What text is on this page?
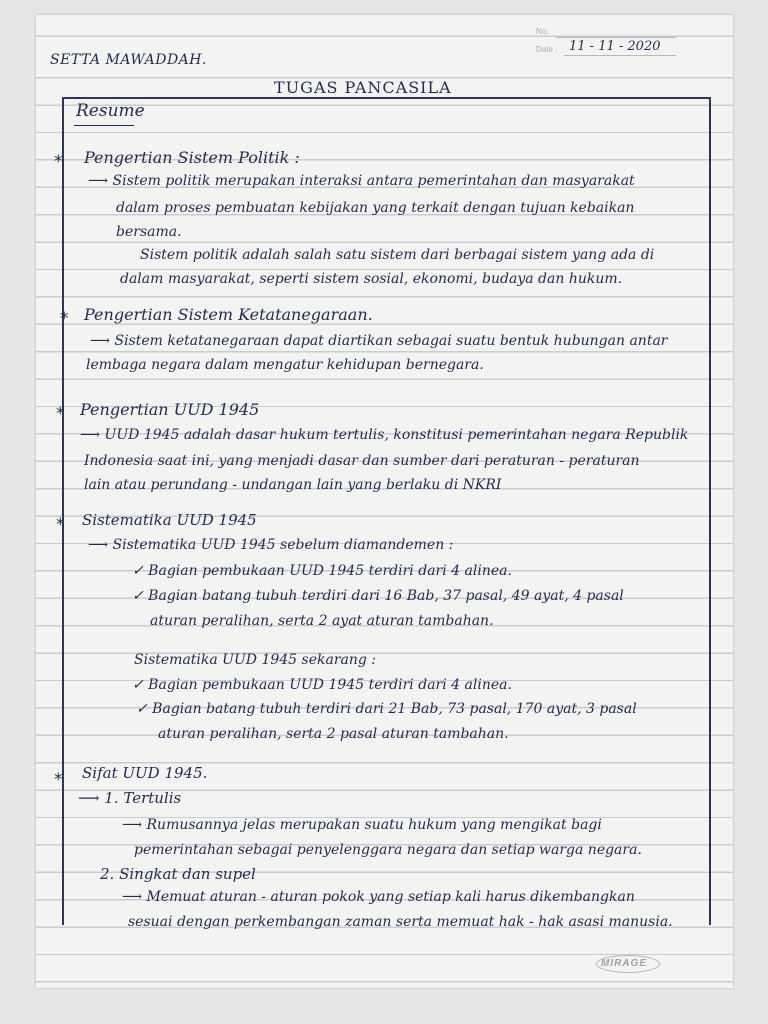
No.
Date : 11 - 11 - 2020
SETTA MAWADDAH.
TUGAS PANCASILA
Resume
* Pengertian Sistem Politik :
⟶ Sistem politik merupakan interaksi antara pemerintahan dan masyarakat
dalam proses pembuatan kebijakan yang terkait dengan tujuan kebaikan
bersama.
Sistem politik adalah salah satu sistem dari berbagai sistem yang ada di
dalam masyarakat, seperti sistem sosial, ekonomi, budaya dan hukum.
* Pengertian Sistem Ketatanegaraan.
⟶ Sistem ketatanegaraan dapat diartikan sebagai suatu bentuk hubungan antar
lembaga negara dalam mengatur kehidupan bernegara.
* Pengertian UUD 1945
⟶ UUD 1945 adalah dasar hukum tertulis, konstitusi pemerintahan negara Republik
Indonesia saat ini, yang menjadi dasar dan sumber dari peraturan - peraturan
lain atau perundang - undangan lain yang berlaku di NKRI
* Sistematika UUD 1945
⟶ Sistematika UUD 1945 sebelum diamandemen :
✓ Bagian pembukaan UUD 1945 terdiri dari 4 alinea.
✓ Bagian batang tubuh terdiri dari 16 Bab, 37 pasal, 49 ayat, 4 pasal
aturan peralihan, serta 2 ayat aturan tambahan.
Sistematika UUD 1945 sekarang :
✓ Bagian pembukaan UUD 1945 terdiri dari 4 alinea.
✓ Bagian batang tubuh terdiri dari 21 Bab, 73 pasal, 170 ayat, 3 pasal
aturan peralihan, serta 2 pasal aturan tambahan.
* Sifat UUD 1945.
⟶ 1. Tertulis
⟶ Rumusannya jelas merupakan suatu hukum yang mengikat bagi
pemerintahan sebagai penyelenggara negara dan setiap warga negara.
2. Singkat dan supel
⟶ Memuat aturan - aturan pokok yang setiap kali harus dikembangkan
sesuai dengan perkembangan zaman serta memuat hak - hak asasi manusia.
MIRAGE
